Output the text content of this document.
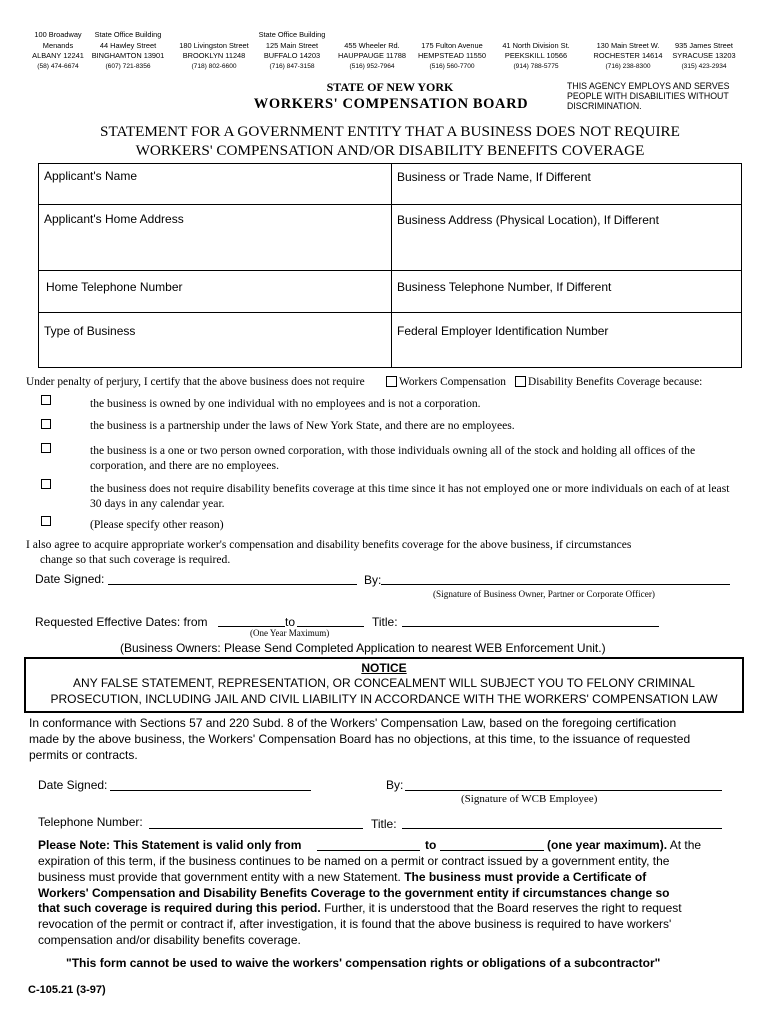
100 Broadway
Menands
ALBANY 12241
(58) 474-6674
State Office Building
44 Hawley Street
BINGHAMTON 13901
(607) 721-8356
180 Livingston Street
BROOKLYN 11248
(718) 802-6600
State Office Building
125 Main Street
BUFFALO 14203
(716) 847-3158
455 Wheeler Rd.
HAUPPAUGE 11788
(516) 952-7964
175 Fulton Avenue
HEMPSTEAD 11550
(516) 560-7700
41 North Division St.
PEEKSKILL 10566
(914) 788-5775
130 Main Street W.
ROCHESTER 14614
(716) 238-8300
935 James Street
SYRACUSE 13203
(315) 423-2934
STATE OF NEW YORK
WORKERS' COMPENSATION BOARD
THIS AGENCY EMPLOYS AND SERVES
PEOPLE WITH DISABILITIES WITHOUT
DISCRIMINATION.
STATEMENT FOR A GOVERNMENT ENTITY THAT A BUSINESS DOES NOT REQUIRE
WORKERS' COMPENSATION AND/OR DISABILITY BENEFITS COVERAGE
Applicant's Name	Business or Trade Name, If Different
Applicant's Home Address	Business Address (Physical Location), If Different
Home Telephone Number	Business Telephone Number, If Different
Type of Business	Federal Employer Identification Number
Under penalty of perjury, I certify that the above business does not require	Workers Compensation Disability Benefits Coverage because:
the business is owned by one individual with no employees and is not a corporation.
the business is a partnership under the laws of New York State, and there are no employees.
the business is a one or two person owned corporation, with those individuals owning all of the stock and holding all offices of the corporation, and there are no employees.
the business does not require disability benefits coverage at this time since it has not employed one or more individuals on each of at least 30 days in any calendar year.
(Please specify other reason)
I also agree to acquire appropriate worker's compensation and disability benefits coverage for the above business, if circumstances
change so that such coverage is required.
Date Signed:	By:
(Signature of Business Owner, Partner or Corporate Officer)
Requested Effective Dates: from	to	Title:
(One Year Maximum)
(Business Owners: Please Send Completed Application to nearest WEB Enforcement Unit.)
NOTICE
ANY FALSE STATEMENT, REPRESENTATION, OR CONCEALMENT WILL SUBJECT YOU TO FELONY CRIMINAL
PROSECUTION, INCLUDING JAIL AND CIVIL LIABILITY IN ACCORDANCE WITH THE WORKERS' COMPENSATION LAW
In conformance with Sections 57 and 220 Subd. 8 of the Workers' Compensation Law, based on the foregoing certification
made by the above business, the Workers' Compensation Board has no objections, at this time, to the issuance of requested
permits or contracts.
Date Signed:	By:
(Signature of WCB Employee)
Telephone Number:	Title:
Please Note: This Statement is valid only from	to	(one year maximum). At the
expiration of this term, if the business continues to be named on a permit or contract issued by a government entity, the
business must provide that government entity with a new Statement. The business must provide a Certificate of
Workers' Compensation and Disability Benefits Coverage to the government entity if circumstances change so
that such coverage is required during this period. Further, it is understood that the Board reserves the right to request
revocation of the permit or contract if, after investigation, it is found that the above business is required to have workers'
compensation and/or disability benefits coverage.
"This form cannot be used to waive the workers' compensation rights or obligations of a subcontractor"
C-105.21 (3-97)
